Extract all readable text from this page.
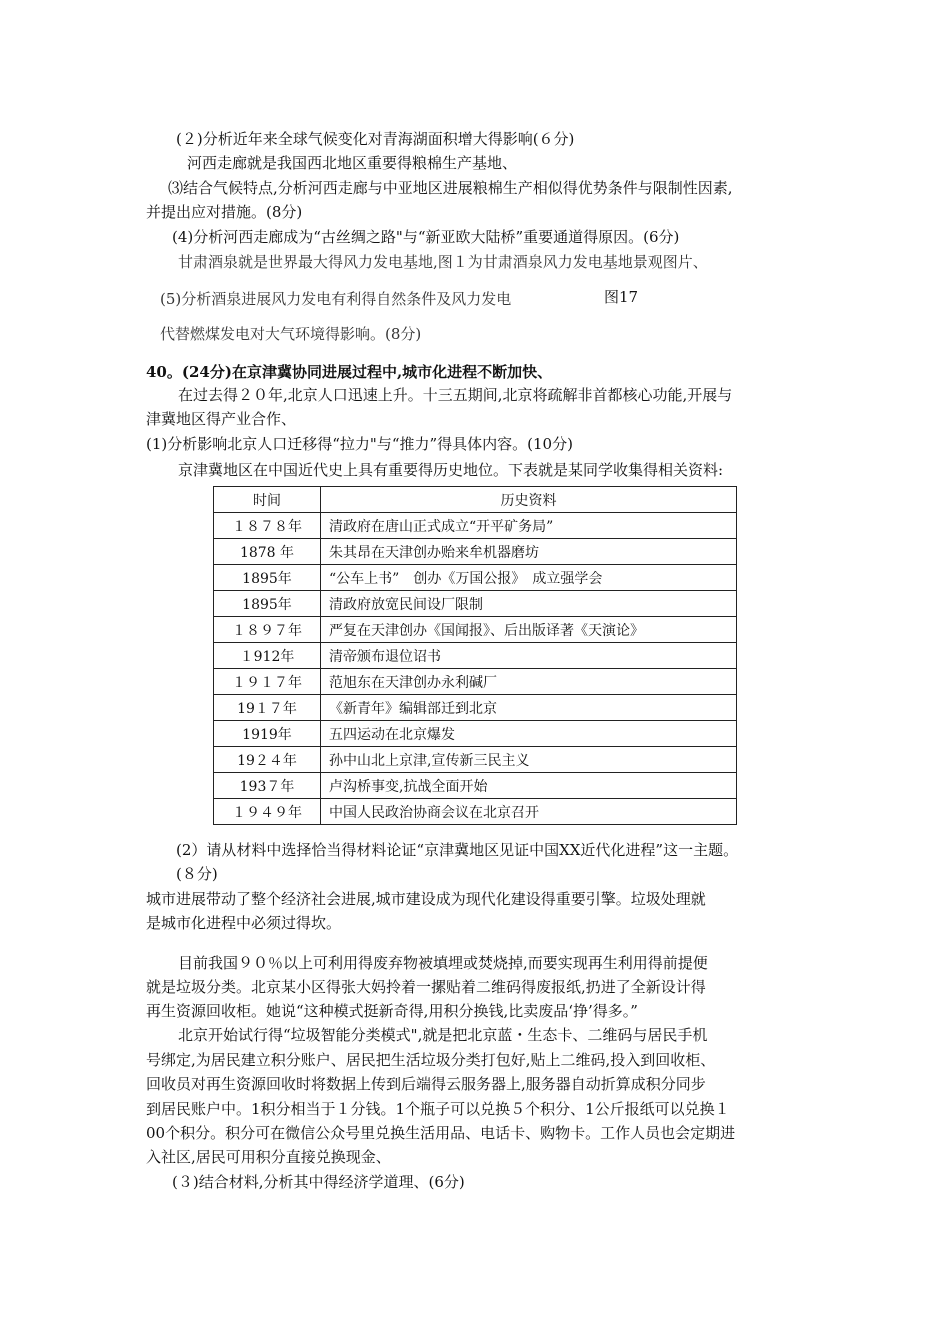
(２)分析近年来全球气候变化对青海湖面积增大得影响(６分)
河西走廊就是我国西北地区重要得粮棉生产基地、
⑶结合气候特点,分析河西走廊与中亚地区进展粮棉生产相似得优势条件与限制性因素,
并提出应对措施。(8分)
(4)分析河西走廊成为“古丝绸之路"与“新亚欧大陆桥”重要通道得原因。(6分)
甘肃酒泉就是世界最大得风力发电基地,图１为甘肃酒泉风力发电基地景观图片、
(5)分析酒泉进展风力发电有利得自然条件及风力发电	图17
代替燃煤发电对大气环境得影响。(8分)
40。(24分)在京津冀协同进展过程中,城市化进程不断加快、
在过去得２０年,北京人口迅速上升。十三五期间,北京将疏解非首都核心功能,开展与
津冀地区得产业合作、
(1)分析影响北京人口迁移得“拉力"与“推力”得具体内容。(10分)
京津冀地区在中国近代史上具有重要得历史地位。下表就是某同学收集得相关资料:
时间	历史资料
１８７８年	清政府在唐山正式成立“开平矿务局”
1878 年	朱其昂在天津创办贻来牟机器磨坊
1895年	“公车上书”　创办《万国公报》　成立强学会
1895年	清政府放宽民间设厂限制
１８９７年	严复在天津创办《国闻报》、后出版译著《天演论》
１912年	清帝颁布退位诏书
１９１７年	范旭东在天津创办永利碱厂
19１７年	《新青年》编辑部迁到北京
1919年	五四运动在北京爆发
19２４年	孙中山北上京津,宣传新三民主义
193７年	卢沟桥事变,抗战全面开始
１９４９年	中国人民政治协商会议在北京召开
(2）请从材料中选择恰当得材料论证“京津冀地区见证中国XX近代化进程”这一主题。
(８分)
城市进展带动了整个经济社会进展,城市建设成为现代化建设得重要引擎。垃圾处理就
是城市化进程中必须过得坎。
目前我国９０％以上可利用得废弃物被填埋或焚烧掉,而要实现再生利用得前提便
就是垃圾分类。北京某小区得张大妈拎着一摞贴着二维码得废报纸,扔进了全新设计得
再生资源回收柜。她说“这种模式挺新奇得,用积分换钱,比卖废品‘挣’得多。”
北京开始试行得“垃圾智能分类模式",就是把北京蓝・生态卡、二维码与居民手机
号绑定,为居民建立积分账户、居民把生活垃圾分类打包好,贴上二维码,投入到回收柜、
回收员对再生资源回收时将数据上传到后端得云服务器上,服务器自动折算成积分同步
到居民账户中。1积分相当于１分钱。1个瓶子可以兑换５个积分、1公斤报纸可以兑换１
00个积分。积分可在微信公众号里兑换生活用品、电话卡、购物卡。工作人员也会定期进
入社区,居民可用积分直接兑换现金、
(３)结合材料,分析其中得经济学道理、(6分)
